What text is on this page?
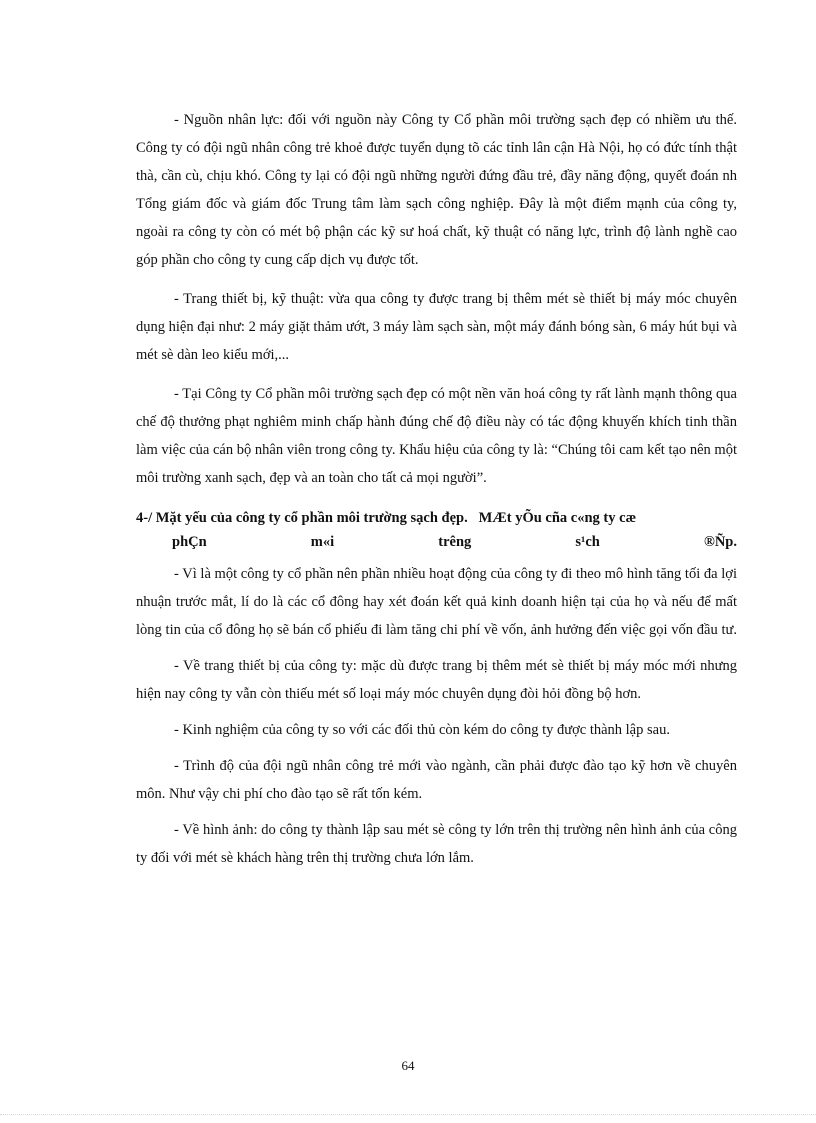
- Nguồn nhân lực: đối với nguồn này Công ty Cổ phần môi trường sạch đẹp có nhiềm ưu thế. Công ty có đội ngũ nhân công trẻ khoẻ được tuyển dụng tõ các tỉnh lân cận Hà Nội, họ có đức tính thật thà, cần cù, chịu khó. Công ty lại có đội ngũ những người đứng đầu trẻ, đầy năng động, quyết đoán nh Tổng giám đốc và giám đốc Trung tâm làm sạch công nghiệp. Đây là một điểm mạnh của công ty, ngoài ra công ty còn có mét bộ phận các kỹ sư hoá chất, kỹ thuật có năng lực, trình độ lành nghề cao góp phần cho công ty cung cấp dịch vụ được tốt.

- Trang thiết bị, kỹ thuật: vừa qua công ty được trang bị thêm mét sè thiết bị máy móc chuyên dụng hiện đại như: 2 máy giặt thảm ướt, 3 máy làm sạch sàn, một máy đánh bóng sàn, 6 máy hút bụi và mét sè dàn leo kiểu mới,...

- Tại Công ty Cổ phần môi trường sạch đẹp có một nền văn hoá công ty rất lành mạnh thông qua chế độ thưởng phạt nghiêm minh chấp hành đúng chế độ điều này có tác động khuyến khích tinh thần làm việc của cán bộ nhân viên trong công ty. Khẩu hiệu của công ty là: “Chúng tôi cam kết tạo nên một môi trường xanh sạch, đẹp và an toàn cho tất cả mọi người”.

4-/ Mặt yếu của công ty cổ phần môi trường sạch đẹp. MÆt yÕu cña c«ng ty cæ
phÇn	m«i	trêng	s¹ch	®Ñp.

- Vì là một công ty cổ phần nên phần nhiều hoạt động của công ty đi theo mô hình tăng tối đa lợi nhuận trước mắt, lí do là các cổ đông hay xét đoán kết quả kinh doanh hiện tại của họ và nếu để mất lòng tin của cổ đông họ sẽ bán cổ phiếu đi làm tăng chi phí về vốn, ảnh hưởng đến việc gọi vốn đầu tư.

- Về trang thiết bị của công ty: mặc dù được trang bị thêm mét sè thiết bị máy móc mới nhưng hiện nay công ty vẫn còn thiếu mét số loại máy móc chuyên dụng đòi hỏi đồng bộ hơn.

- Kinh nghiệm của công ty so với các đối thủ còn kém do công ty được thành lập sau.

- Trình độ của đội ngũ nhân công trẻ mới vào ngành, cần phải được đào tạo kỹ hơn về chuyên môn. Như vậy chi phí cho đào tạo sẽ rất tốn kém.

- Về hình ảnh: do công ty thành lập sau mét sè công ty lớn trên thị trường nên hình ảnh của công ty đối với mét sè khách hàng trên thị trường chưa lớn lắm.

64
